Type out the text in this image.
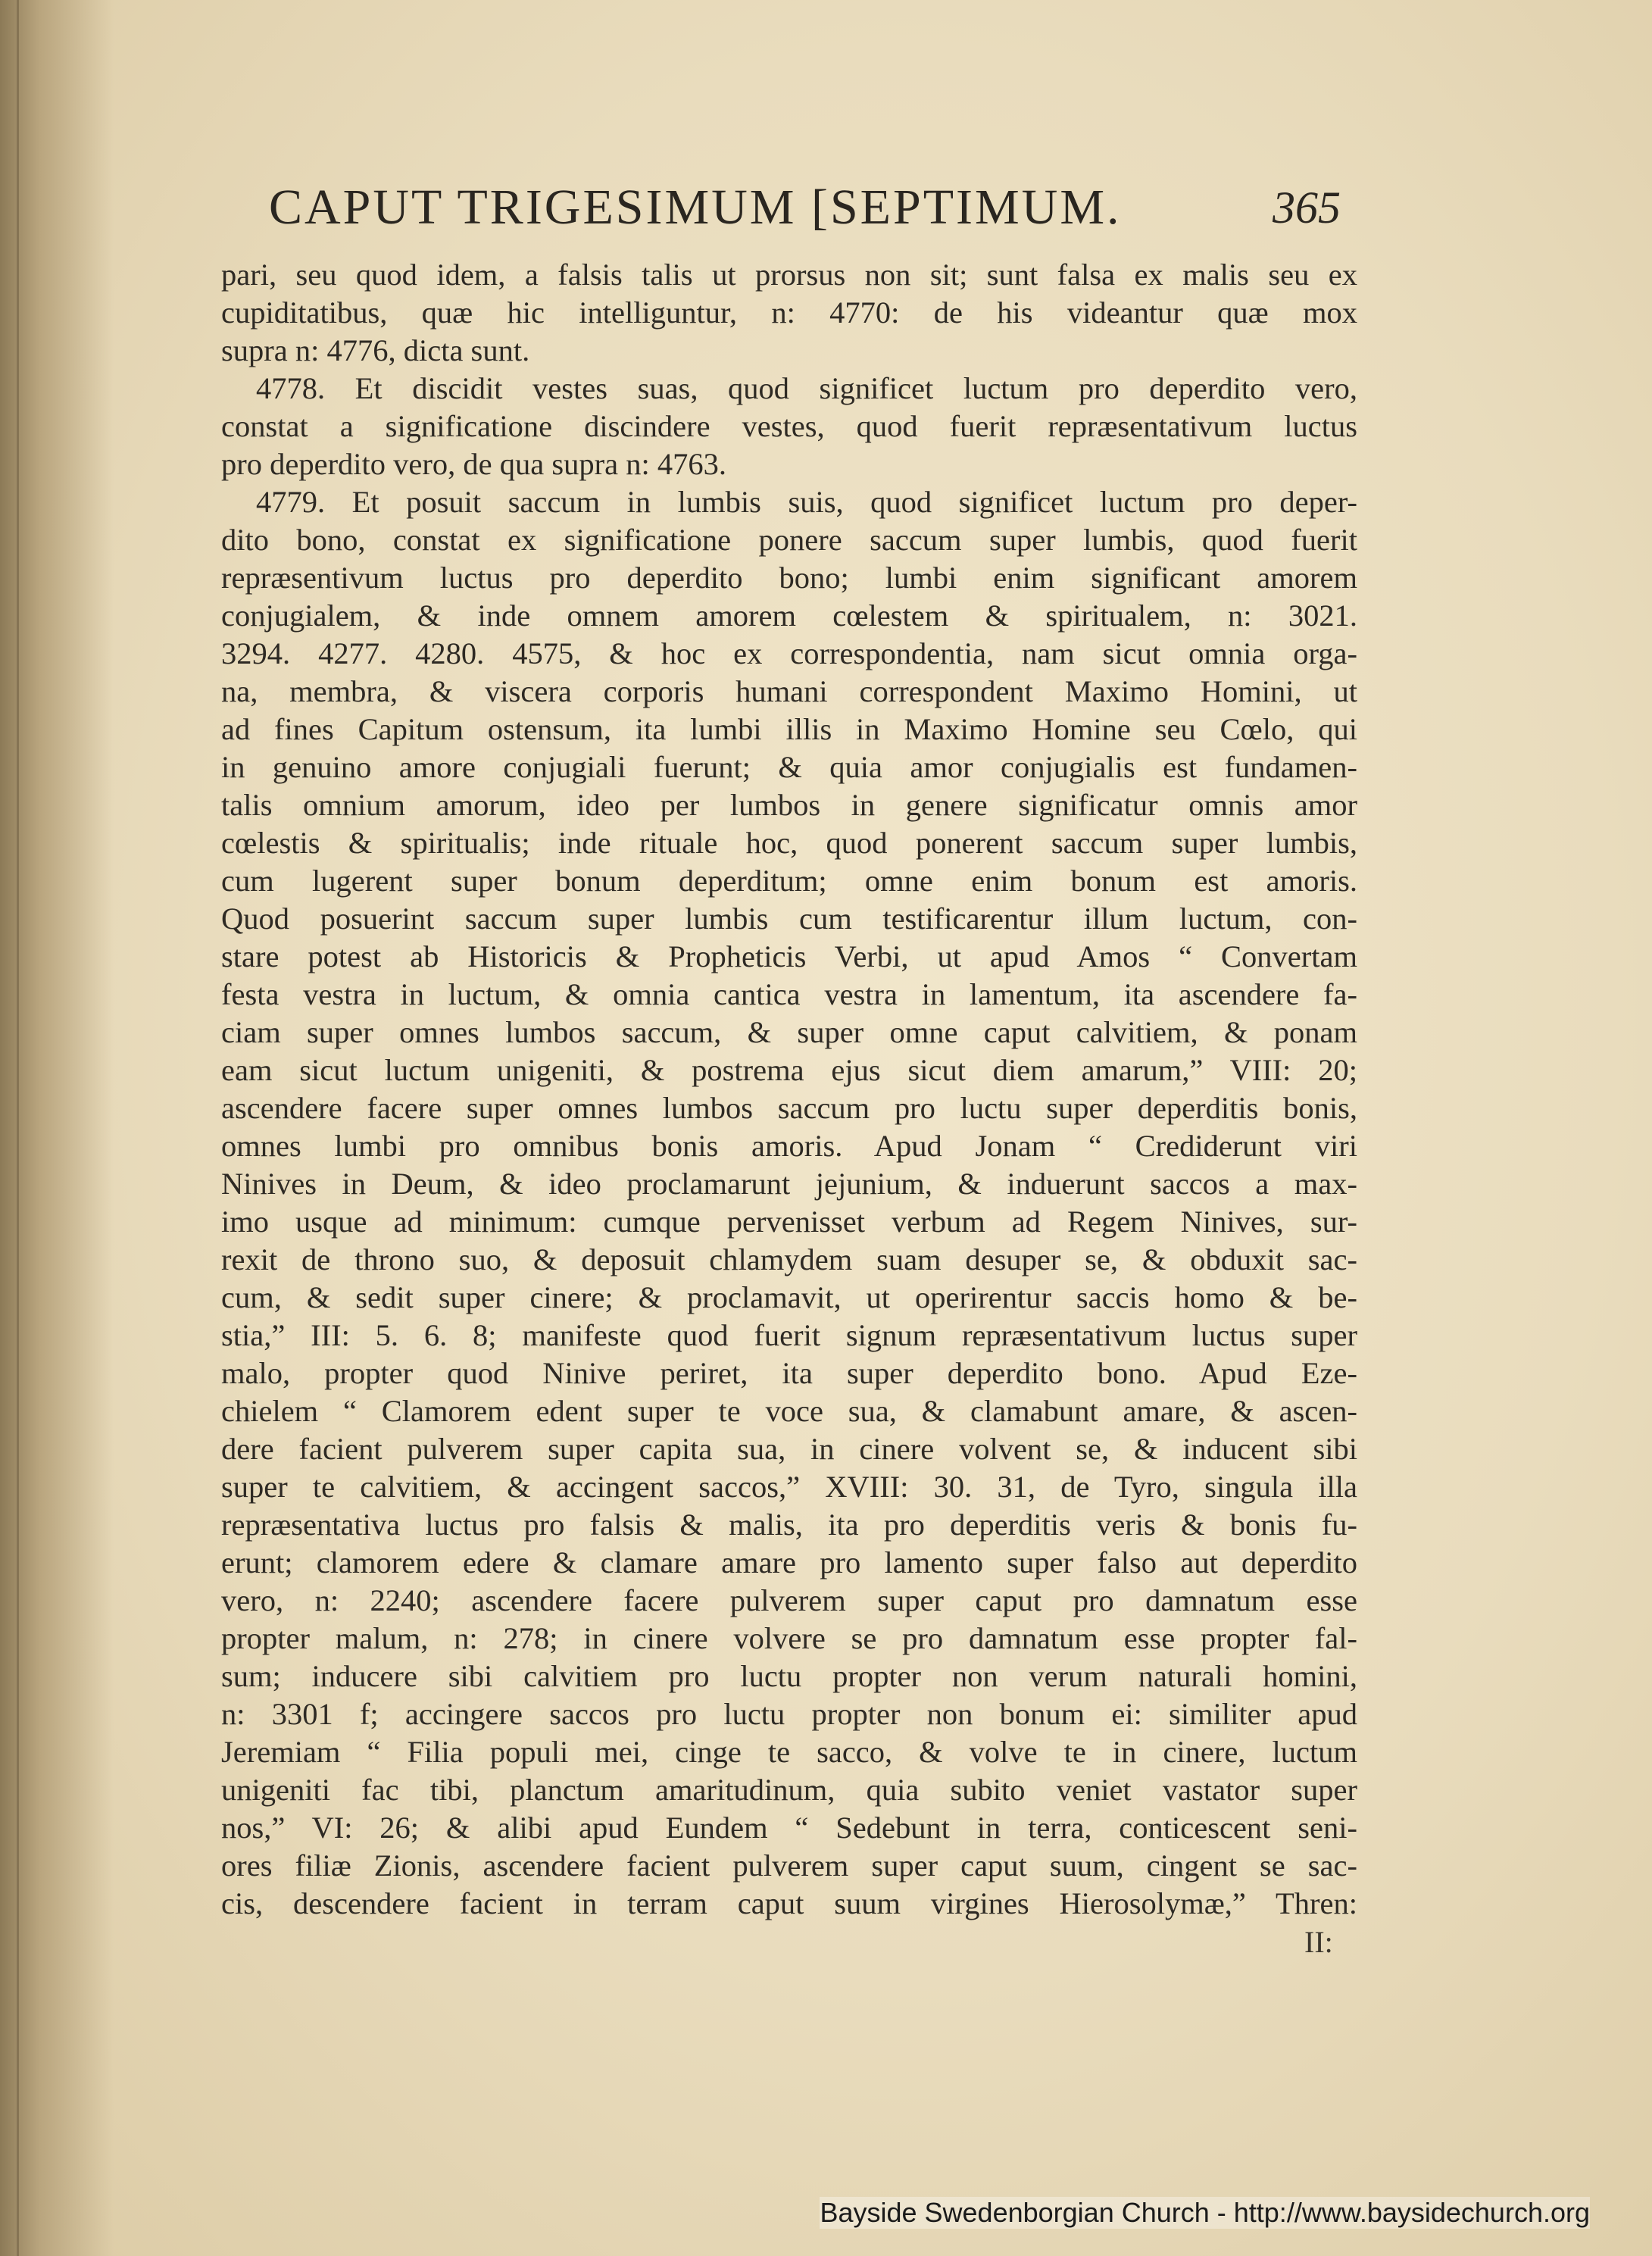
CAPUT TRIGESIMUM [SEPTIMUM.	365
pari, seu quod idem, a falsis talis ut prorsus non sit; sunt falsa ex malis seu ex
cupiditatibus, quæ hic intelliguntur, n: 4770: de his videantur quæ mox
supra n: 4776, dicta sunt.
4778. Et discidit vestes suas, quod significet luctum pro deperdito vero,
constat a significatione discindere vestes, quod fuerit repræsentativum luctus
pro deperdito vero, de qua supra n: 4763.
4779. Et posuit saccum in lumbis suis, quod significet luctum pro deper-
dito bono, constat ex significatione ponere saccum super lumbis, quod fuerit
repræsentivum luctus pro deperdito bono; lumbi enim significant amorem
conjugialem, & inde omnem amorem cœlestem & spiritualem, n: 3021.
3294. 4277. 4280. 4575, & hoc ex correspondentia, nam sicut omnia orga-
na, membra, & viscera corporis humani correspondent Maximo Homini, ut
ad fines Capitum ostensum, ita lumbi illis in Maximo Homine seu Cœlo, qui
in genuino amore conjugiali fuerunt; & quia amor conjugialis est fundamen-
talis omnium amorum, ideo per lumbos in genere significatur omnis amor
cœlestis & spiritualis; inde rituale hoc, quod ponerent saccum super lumbis,
cum lugerent super bonum deperditum; omne enim bonum est amoris.
Quod posuerint saccum super lumbis cum testificarentur illum luctum, con-
stare potest ab Historicis & Propheticis Verbi, ut apud Amos “ Convertam
festa vestra in luctum, & omnia cantica vestra in lamentum, ita ascendere fa-
ciam super omnes lumbos saccum, & super omne caput calvitiem, & ponam
eam sicut luctum unigeniti, & postrema ejus sicut diem amarum,” VIII: 20;
ascendere facere super omnes lumbos saccum pro luctu super deperditis bonis,
omnes lumbi pro omnibus bonis amoris. Apud Jonam “ Crediderunt viri
Ninives in Deum, & ideo proclamarunt jejunium, & induerunt saccos a max-
imo usque ad minimum: cumque pervenisset verbum ad Regem Ninives, sur-
rexit de throno suo, & deposuit chlamydem suam desuper se, & obduxit sac-
cum, & sedit super cinere; & proclamavit, ut operirentur saccis homo & be-
stia,” III: 5. 6. 8; manifeste quod fuerit signum repræsentativum luctus super
malo, propter quod Ninive periret, ita super deperdito bono. Apud Eze-
chielem “ Clamorem edent super te voce sua, & clamabunt amare, & ascen-
dere facient pulverem super capita sua, in cinere volvent se, & inducent sibi
super te calvitiem, & accingent saccos,” XVIII: 30. 31, de Tyro, singula illa
repræsentativa luctus pro falsis & malis, ita pro deperditis veris & bonis fu-
erunt; clamorem edere & clamare amare pro lamento super falso aut deperdito
vero, n: 2240; ascendere facere pulverem super caput pro damnatum esse
propter malum, n: 278; in cinere volvere se pro damnatum esse propter fal-
sum; inducere sibi calvitiem pro luctu propter non verum naturali homini,
n: 3301 f; accingere saccos pro luctu propter non bonum ei: similiter apud
Jeremiam “ Filia populi mei, cinge te sacco, & volve te in cinere, luctum
unigeniti fac tibi, planctum amaritudinum, quia subito veniet vastator super
nos,” VI: 26; & alibi apud Eundem “ Sedebunt in terra, conticescent seni-
ores filiæ Zionis, ascendere facient pulverem super caput suum, cingent se sac-
cis, descendere facient in terram caput suum virgines Hierosolymæ,” Thren:
II:
Bayside Swedenborgian Church - http://www.baysidechurch.org
